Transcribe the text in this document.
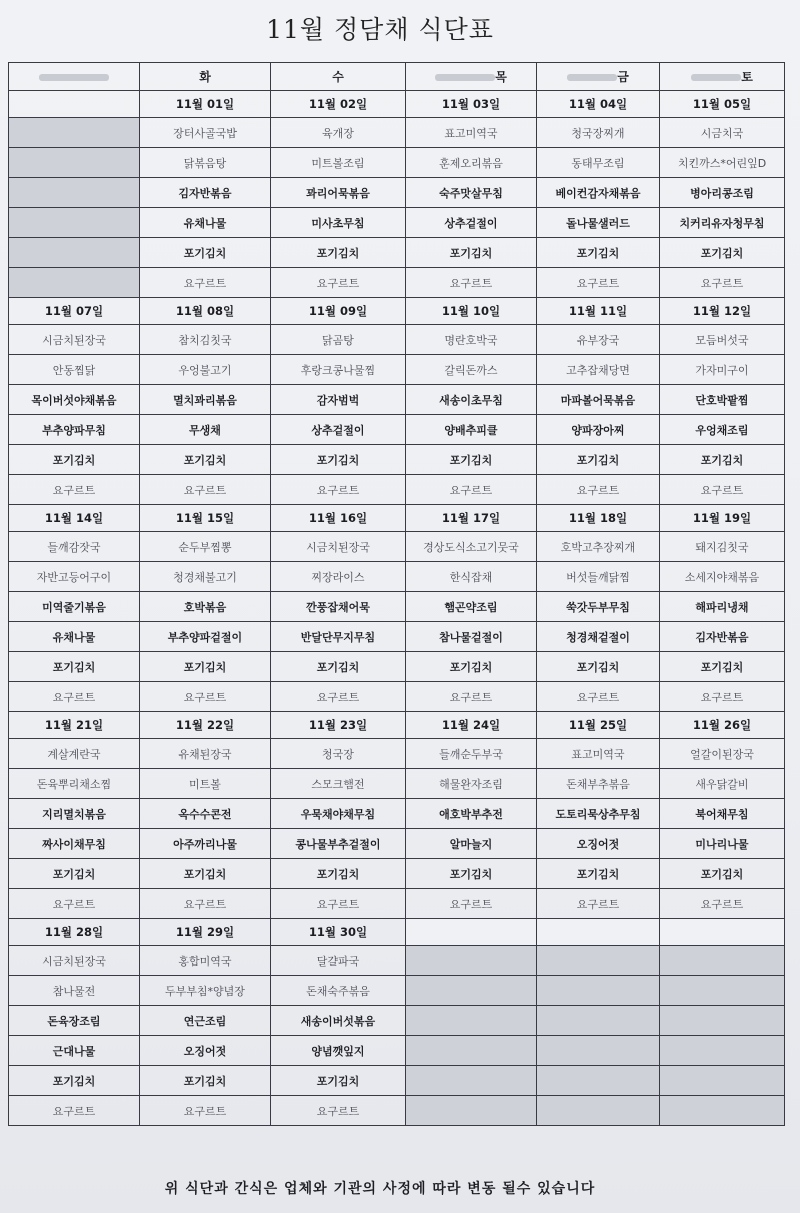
11월 정담채 식단표
	화	수	목	금	토
	11월 01일	11월 02일	11월 03일	11월 04일	11월 05일
	장터사골국밥	육개장	표고미역국	청국장찌개	시금치국
	닭볶음탕	미트볼조림	훈제오리볶음	동태무조림	치킨까스*어린잎D
	김자반볶음	꽈리어묵볶음	숙주맛살무침	베이컨감자채볶음	병아리콩조림
	유채나물	미사초무침	상추겉절이	돌나물샐러드	치커리유자청무침
	포기김치	포기김치	포기김치	포기김치	포기김치
	요구르트	요구르트	요구르트	요구르트	요구르트
11월 07일	11월 08일	11월 09일	11월 10일	11월 11일	11월 12일
시금치된장국	참치김칫국	닭곰탕	명란호박국	유부장국	모듬버섯국
안동찜닭	우엉불고기	후랑크콩나물찜	갈릭돈까스	고추잡채당면	가자미구이
목이버섯야채볶음	멸치꽈리볶음	감자범벅	새송이초무침	마파볼어묵볶음	단호박팥찜
부추양파무침	무생채	상추겉절이	양배추피클	양파장아찌	우엉채조림
포기김치	포기김치	포기김치	포기김치	포기김치	포기김치
요구르트	요구르트	요구르트	요구르트	요구르트	요구르트
11월 14일	11월 15일	11월 16일	11월 17일	11월 18일	11월 19일
들깨감잣국	순두부찜뽕	시금치된장국	경상도식소고기뭇국	호박고추장찌개	돼지김칫국
자반고등어구이	청경채불고기	찌장라이스	한식잡채	버섯들깨닭찜	소세지야채볶음
미역줄기볶음	호박볶음	깐풍잡채어묵	햄곤약조림	쑥갓두부무침	해파리냉채
유채나물	부추양파겉절이	반달단무지무침	참나물겉절이	청경채겉절이	김자반볶음
포기김치	포기김치	포기김치	포기김치	포기김치	포기김치
요구르트	요구르트	요구르트	요구르트	요구르트	요구르트
11월 21일	11월 22일	11월 23일	11월 24일	11월 25일	11월 26일
계살계란국	유채된장국	청국장	들깨순두부국	표고미역국	얼갈이된장국
돈육뿌리채소찜	미트볼	스모크햄전	해물완자조림	돈채부추볶음	새우닭갈비
지리멸치볶음	옥수수콘전	우묵채야채무침	애호박부추전	도토리묵상추무침	북어채무침
짜사이채무침	아주까리나물	콩나물부추겉절이	알마늘지	오징어젓	미나리나물
포기김치	포기김치	포기김치	포기김치	포기김치	포기김치
요구르트	요구르트	요구르트	요구르트	요구르트	요구르트
11월 28일	11월 29일	11월 30일			
시금치된장국	홍합미역국	달걀파국			
참나물전	두부부침*양념장	돈채숙주볶음			
돈육장조림	연근조림	새송이버섯볶음			
근대나물	오징어젓	양념깻잎지			
포기김치	포기김치	포기김치			
요구르트	요구르트	요구르트			
위 식단과 간식은 업체와 기관의 사정에 따라 변동 될수 있습니다
